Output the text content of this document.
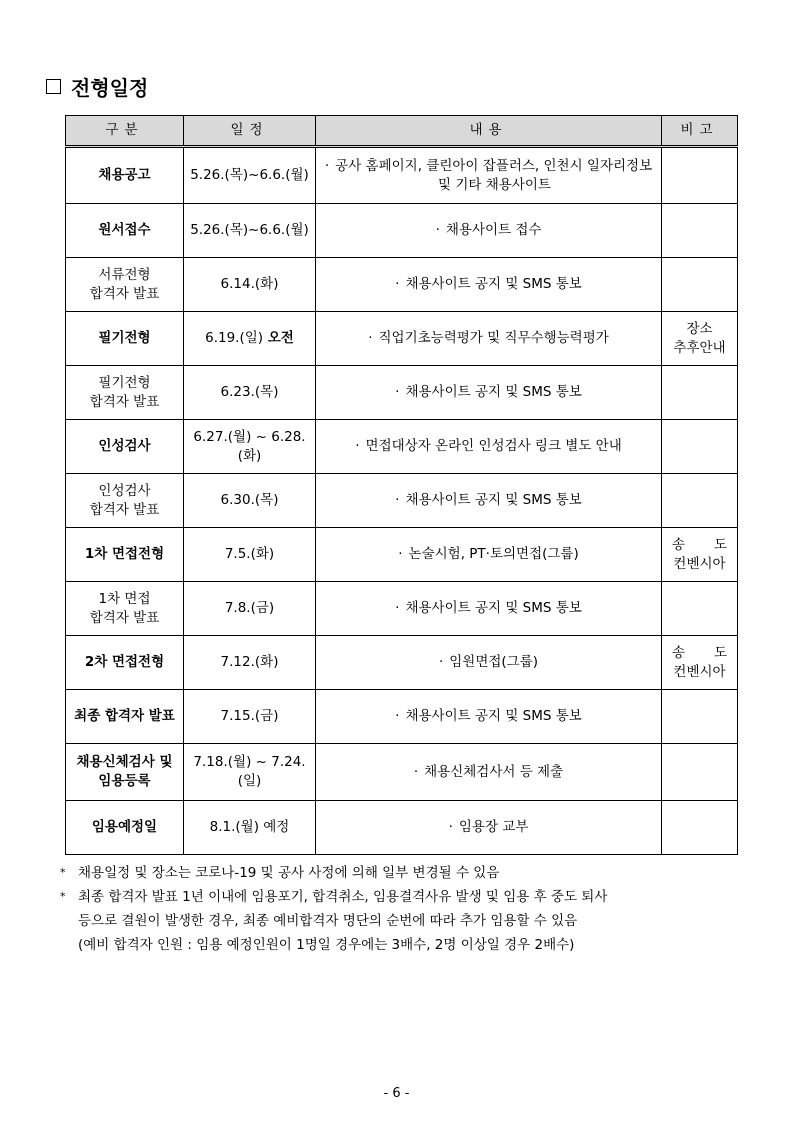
전형일정
구분	일정	내용	비고

채용공고	5.26.(목)~6.6.(월)	· 공사 홈페이지, 클린아이 잡플러스, 인천시 일자리정보
및 기타 채용사이트	

원서접수	5.26.(목)~6.6.(월)	· 채용사이트 접수	

서류전형
합격자 발표	6.14.(화)	· 채용사이트 공지 및 SMS 통보	

필기전형	6.19.(일) 오전	· 직업기초능력평가 및 직무수행능력평가	장소
추후안내

필기전형
합격자 발표	6.23.(목)	· 채용사이트 공지 및 SMS 통보	

인성검사	6.27.(월) ~ 6.28.(화)	· 면접대상자 온라인 인성검사 링크 별도 안내	

인성검사
합격자 발표	6.30.(목)	· 채용사이트 공지 및 SMS 통보	

1차 면접전형	7.5.(화)	· 논술시험, PT·토의면접(그룹)	송 도
컨벤시아

1차 면접
합격자 발표	7.8.(금)	· 채용사이트 공지 및 SMS 통보	

2차 면접전형	7.12.(화)	· 임원면접(그룹)	송 도
컨벤시아

최종 합격자 발표	7.15.(금)	· 채용사이트 공지 및 SMS 통보	

채용신체검사 및
임용등록	7.18.(월) ~ 7.24.(일)	· 채용신체검사서 등 제출	

임용예정일	8.1.(월) 예정	· 임용장 교부	

* 채용일정 및 장소는 코로나-19 및 공사 사정에 의해 일부 변경될 수 있음

* 최종 합격자 발표 1년 이내에 임용포기, 합격취소, 임용결격사유 발생 및 임용 후 중도 퇴사

등으로 결원이 발생한 경우, 최종 예비합격자 명단의 순번에 따라 추가 임용할 수 있음

(예비 합격자 인원 : 임용 예정인원이 1명일 경우에는 3배수, 2명 이상일 경우 2배수)

- 6 -
